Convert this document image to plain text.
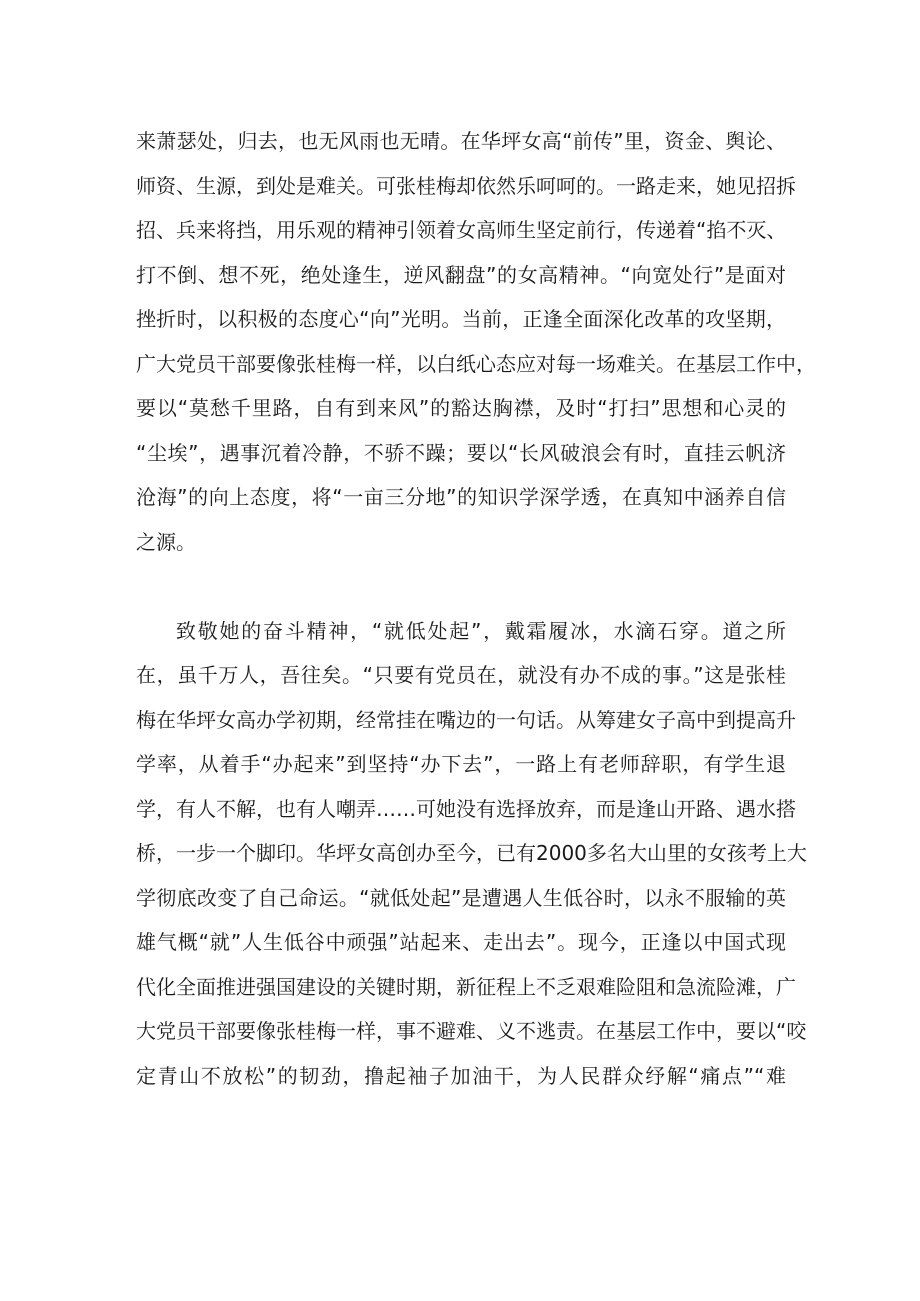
来萧瑟处，归去，也无风雨也无晴。在华坪女高“前传”里，资金、舆论、
师资、生源，到处是难关。可张桂梅却依然乐呵呵的。一路走来，她见招拆
招、兵来将挡，用乐观的精神引领着女高师生坚定前行，传递着“掐不灭、
打不倒、想不死，绝处逢生，逆风翻盘”的女高精神。“向宽处行”是面对
挫折时，以积极的态度心“向”光明。当前，正逢全面深化改革的攻坚期，
广大党员干部要像张桂梅一样，以白纸心态应对每一场难关。在基层工作中，
要以“莫愁千里路，自有到来风”的豁达胸襟，及时“打扫”思想和心灵的
“尘埃”，遇事沉着冷静，不骄不躁；要以“长风破浪会有时，直挂云帆济
沧海”的向上态度，将“一亩三分地”的知识学深学透，在真知中涵养自信
之源。
致敬她的奋斗精神，“就低处起”，戴霜履冰，水滴石穿。道之所
在，虽千万人，吾往矣。“只要有党员在，就没有办不成的事。”这是张桂
梅在华坪女高办学初期，经常挂在嘴边的一句话。从筹建女子高中到提高升
学率，从着手“办起来”到坚持“办下去”，一路上有老师辞职，有学生退
学，有人不解，也有人嘲弄……可她没有选择放弃，而是逢山开路、遇水搭
桥，一步一个脚印。华坪女高创办至今，已有2000多名大山里的女孩考上大
学彻底改变了自己命运。“就低处起”是遭遇人生低谷时，以永不服输的英
雄气概“就”人生低谷中顽强”站起来、走出去”。现今，正逢以中国式现
代化全面推进强国建设的关键时期，新征程上不乏艰难险阻和急流险滩，广
大党员干部要像张桂梅一样，事不避难、义不逃责。在基层工作中，要以“咬
定青山不放松”的韧劲，撸起袖子加油干，为人民群众纾解“痛点”“难
